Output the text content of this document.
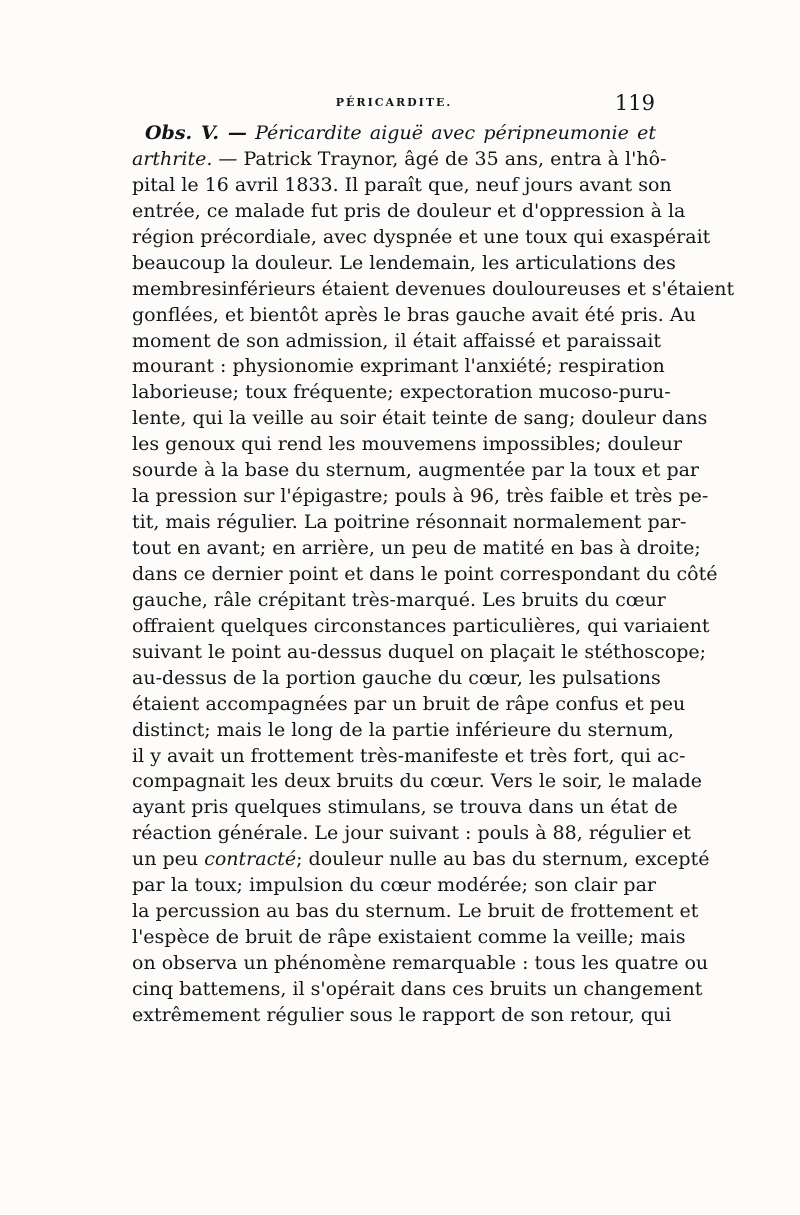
PÉRICARDITE.	119
Obs. V. — Péricardite aiguë avec péripneumonie et
arthrite. — Patrick Traynor, âgé de 35 ans, entra à l'hô-
pital le 16 avril 1833. Il paraît que, neuf jours avant son
entrée, ce malade fut pris de douleur et d'oppression à la
région précordiale, avec dyspnée et une toux qui exaspérait
beaucoup la douleur. Le lendemain, les articulations des
membresinférieurs étaient devenues douloureuses et s'étaient
gonflées, et bientôt après le bras gauche avait été pris. Au
moment de son admission, il était affaissé et paraissait
mourant : physionomie exprimant l'anxiété; respiration
laborieuse; toux fréquente; expectoration mucoso-puru-
lente, qui la veille au soir était teinte de sang; douleur dans
les genoux qui rend les mouvemens impossibles; douleur
sourde à la base du sternum, augmentée par la toux et par
la pression sur l'épigastre; pouls à 96, très faible et très pe-
tit, mais régulier. La poitrine résonnait normalement par-
tout en avant; en arrière, un peu de matité en bas à droite;
dans ce dernier point et dans le point correspondant du côté
gauche, râle crépitant très-marqué. Les bruits du cœur
offraient quelques circonstances particulières, qui variaient
suivant le point au-dessus duquel on plaçait le stéthoscope;
au-dessus de la portion gauche du cœur, les pulsations
étaient accompagnées par un bruit de râpe confus et peu
distinct; mais le long de la partie inférieure du sternum,
il y avait un frottement très-manifeste et très fort, qui ac-
compagnait les deux bruits du cœur. Vers le soir, le malade
ayant pris quelques stimulans, se trouva dans un état de
réaction générale. Le jour suivant : pouls à 88, régulier et
un peu contracté; douleur nulle au bas du sternum, excepté
par la toux; impulsion du cœur modérée; son clair par
la percussion au bas du sternum. Le bruit de frottement et
l'espèce de bruit de râpe existaient comme la veille; mais
on observa un phénomène remarquable : tous les quatre ou
cinq battemens, il s'opérait dans ces bruits un changement
extrêmement régulier sous le rapport de son retour, qui
